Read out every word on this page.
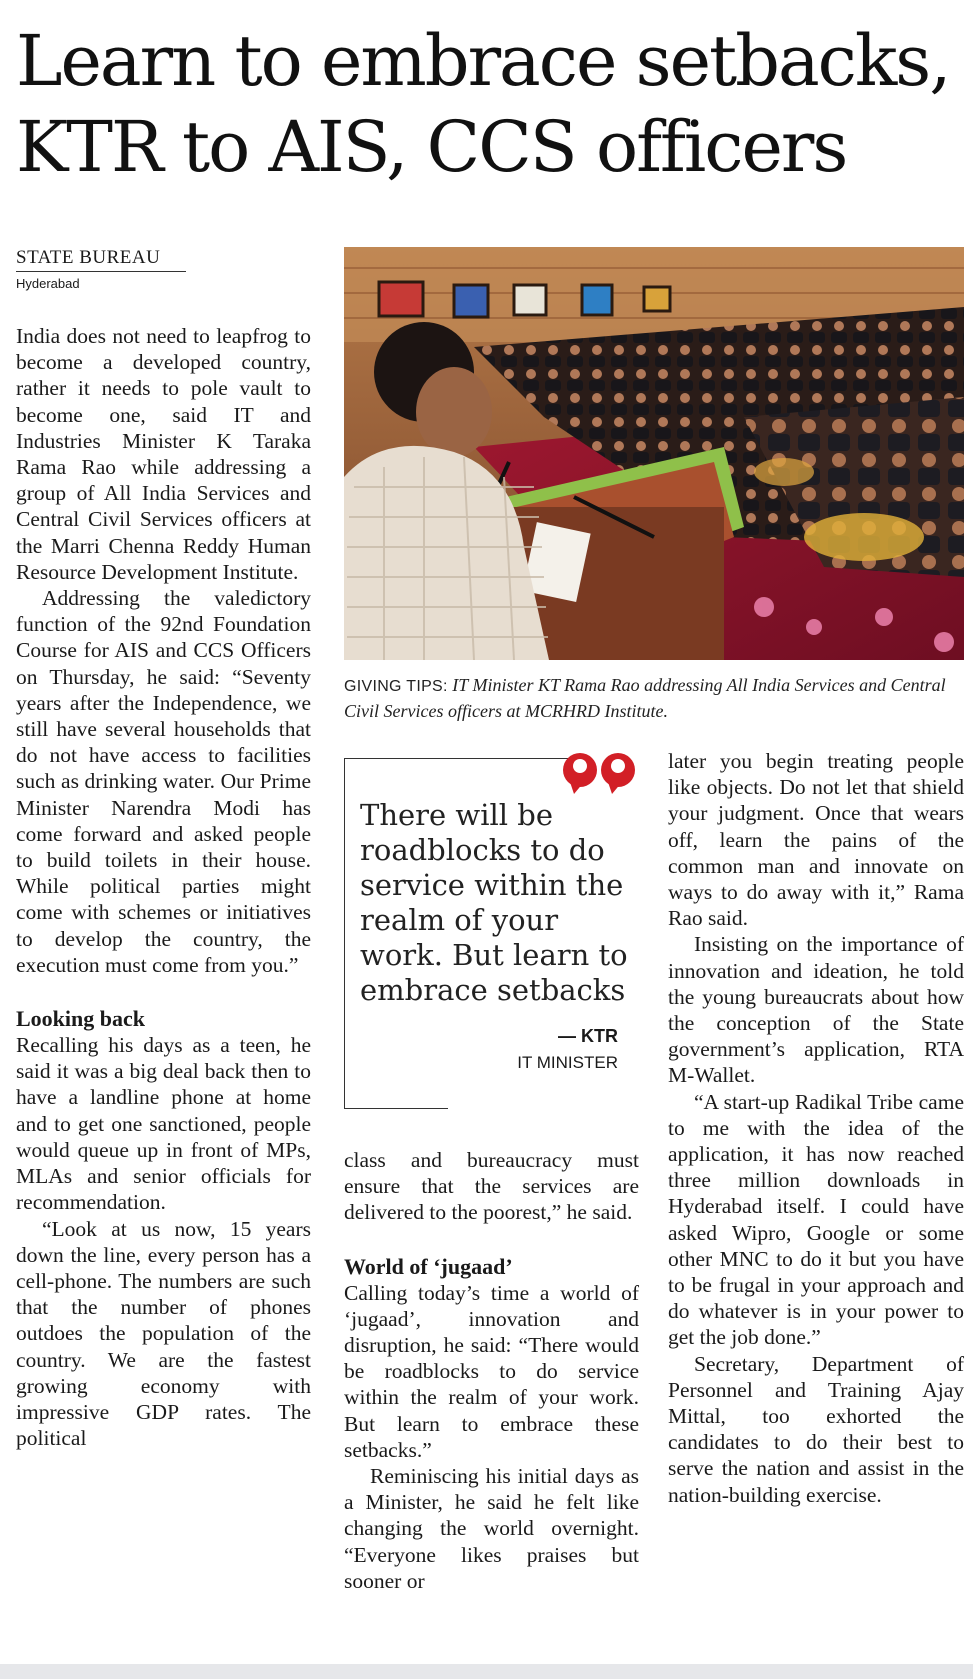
Learn to embrace setbacks, KTR to AIS, CCS officers
STATE BUREAU
Hyderabad

India does not need to leapfrog to become a developed country, rather it needs to pole vault to become one, said IT and Industries Minister K Taraka Rama Rao while addressing a group of All India Services and Central Civil Services officers at the Marri Chenna Reddy Human Resource Development Institute.

Addressing the valedictory function of the 92nd Foundation Course for AIS and CCS Officers on Thursday, he said: “Seventy years after the Independence, we still have several households that do not have access to facilities such as drinking water. Our Prime Minister Narendra Modi has come forward and asked people to build toilets in their house. While political parties might come with schemes or initiatives to develop the country, the execution must come from you.”

Looking back

Recalling his days as a teen, he said it was a big deal back then to have a landline phone at home and to get one sanctioned, people would queue up in front of MPs, MLAs and senior officials for recommendation.

“Look at us now, 15 years down the line, every person has a cell-phone. The numbers are such that the number of phones outdoes the population of the country. We are the fastest growing economy with impressive GDP rates. The political

GIVING TIPS: IT Minister KT Rama Rao addressing All India Services and Central Civil Services officers at MCRHRD Institute.
There will be roadblocks to do service within the realm of your work. But learn to embrace setbacks
— KTR
IT MINISTER

class and bureaucracy must ensure that the services are delivered to the poorest,” he said.

World of ‘jugaad’

Calling today’s time a world of ‘jugaad’, innovation and disruption, he said: “There would be roadblocks to do service within the realm of your work. But learn to embrace these setbacks.”

Reminiscing his initial days as a Minister, he said he felt like changing the world overnight. “Everyone likes praises but sooner or

later you begin treating people like objects. Do not let that shield your judgment. Once that wears off, learn the pains of the common man and innovate on ways to do away with it,” Rama Rao said.

Insisting on the importance of innovation and ideation, he told the young bureaucrats about how the conception of the State government’s application, RTA M-Wallet.

“A start-up Radikal Tribe came to me with the idea of the application, it has now reached three million downloads in Hyderabad itself. I could have asked Wipro, Google or some other MNC to do it but you have to be frugal in your approach and do whatever is in your power to get the job done.”

Secretary, Department of Personnel and Training Ajay Mittal, too exhorted the candidates to do their best to serve the nation and assist in the nation-building exercise.
